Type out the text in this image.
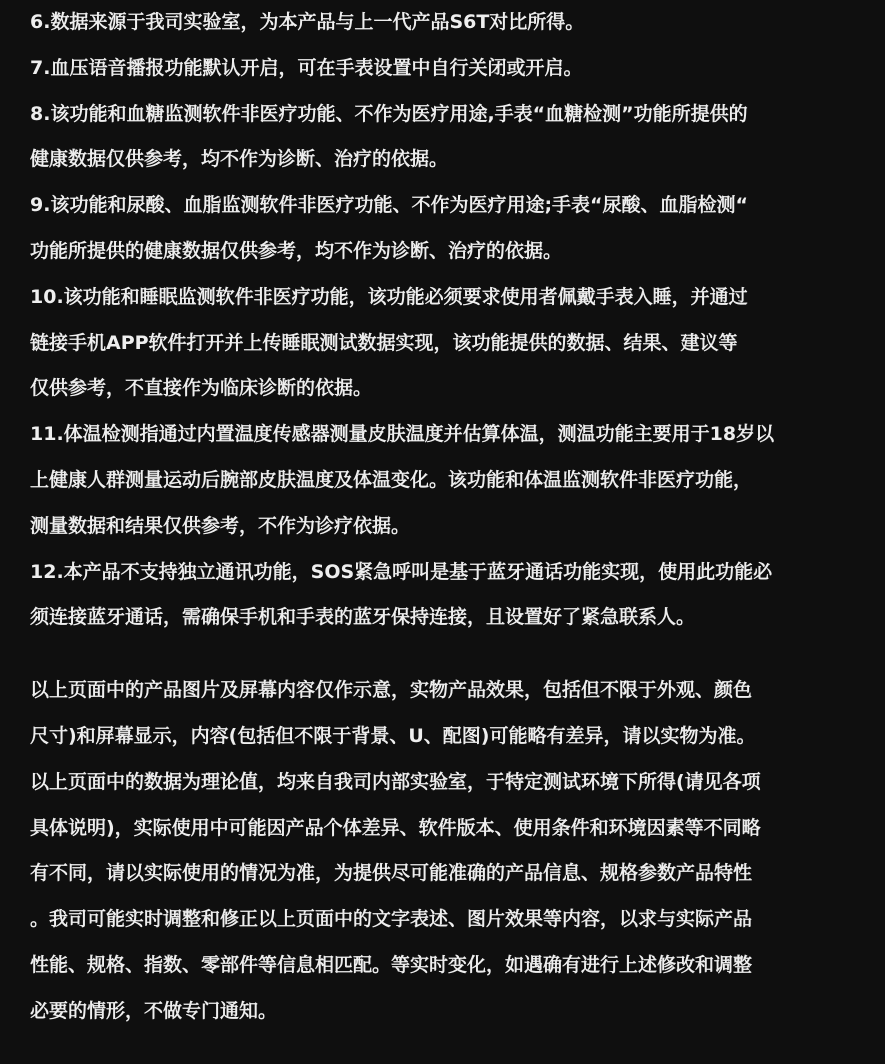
6.数据来源于我司实验室，为本产品与上一代产品S6T对比所得。
7.血压语音播报功能默认开启，可在手表设置中自行关闭或开启。
8.该功能和血糖监测软件非医疗功能、不作为医疗用途,手表“血糖检测”功能所提供的
健康数据仅供参考，均不作为诊断、治疗的依据。
9.该功能和尿酸、血脂监测软件非医疗功能、不作为医疗用途;手表“尿酸、血脂检测“
功能所提供的健康数据仅供参考，均不作为诊断、治疗的依据。
10.该功能和睡眠监测软件非医疗功能，该功能必须要求使用者佩戴手表入睡，并通过
链接手机APP软件打开并上传睡眠测试数据实现，该功能提供的数据、结果、建议等
仅供参考，不直接作为临床诊断的依据。
11.体温检测指通过内置温度传感器测量皮肤温度并估算体温，测温功能主要用于18岁以
上健康人群测量运动后腕部皮肤温度及体温变化。该功能和体温监测软件非医疗功能，
测量数据和结果仅供参考，不作为诊疗依据。
12.本产品不支持独立通讯功能，SOS紧急呼叫是基于蓝牙通话功能实现，使用此功能必
须连接蓝牙通话，需确保手机和手表的蓝牙保持连接，且设置好了紧急联系人。
以上页面中的产品图片及屏幕内容仅作示意，实物产品效果，包括但不限于外观、颜色
尺寸)和屏幕显示，内容(包括但不限于背景、U、配图)可能略有差异，请以实物为准。
以上页面中的数据为理论值，均来自我司内部实验室，于特定测试环境下所得(请见各项
具体说明)，实际使用中可能因产品个体差异、软件版本、使用条件和环境因素等不同略
有不同，请以实际使用的情况为准，为提供尽可能准确的产品信息、规格参数产品特性
。我司可能实时调整和修正以上页面中的文字表述、图片效果等内容，以求与实际产品
性能、规格、指数、零部件等信息相匹配。等实时变化，如遇确有进行上述修改和调整
必要的情形，不做专门通知。
